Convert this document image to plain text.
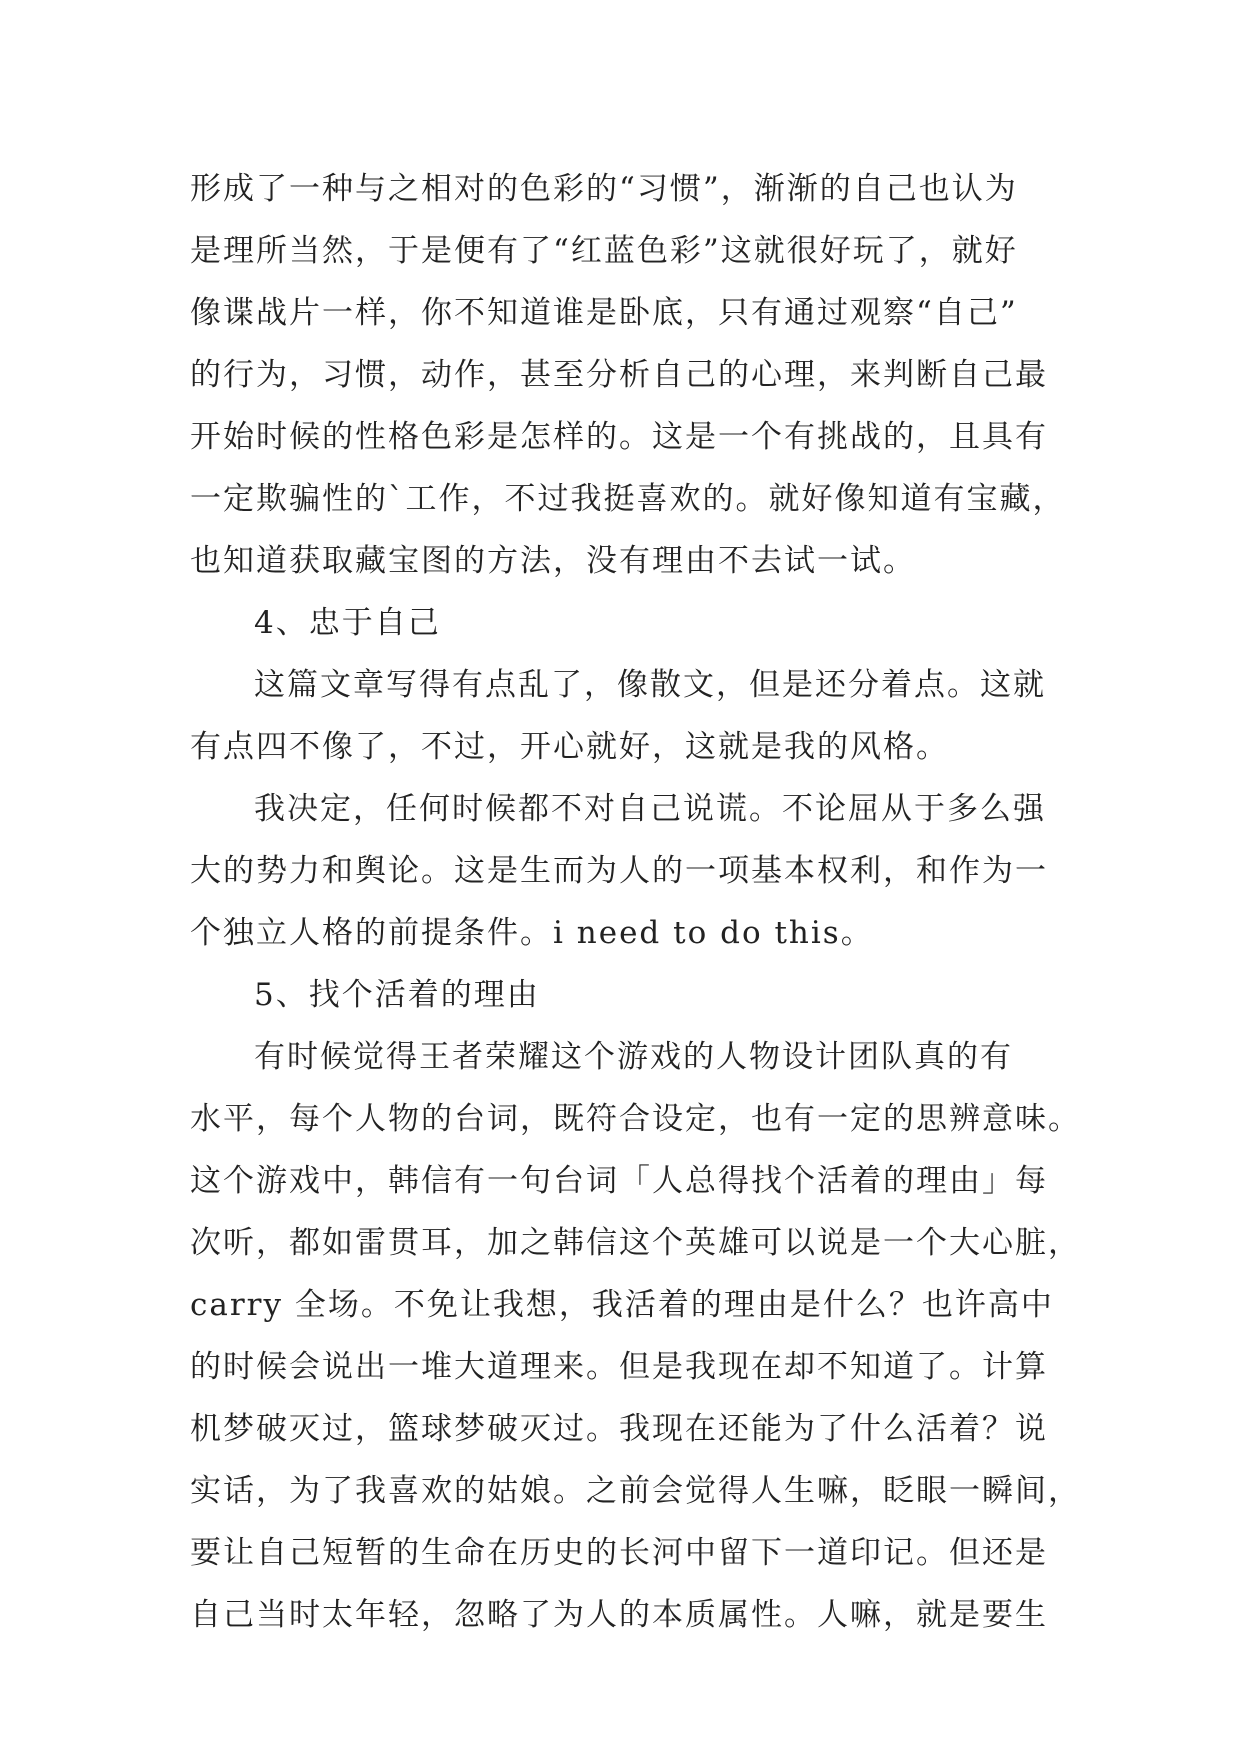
形成了一种与之相对的色彩的“习惯”，渐渐的自己也认为
是理所当然，于是便有了“红蓝色彩”这就很好玩了，就好
像谍战片一样，你不知道谁是卧底，只有通过观察“自己”
的行为，习惯，动作，甚至分析自己的心理，来判断自己最
开始时候的性格色彩是怎样的。这是一个有挑战的，且具有
一定欺骗性的`工作，不过我挺喜欢的。就好像知道有宝藏，
也知道获取藏宝图的方法，没有理由不去试一试。
4、忠于自己
这篇文章写得有点乱了，像散文，但是还分着点。这就
有点四不像了，不过，开心就好，这就是我的风格。
我决定，任何时候都不对自己说谎。不论屈从于多么强
大的势力和舆论。这是生而为人的一项基本权利，和作为一
个独立人格的前提条件。i need to do this。
5、找个活着的理由
有时候觉得王者荣耀这个游戏的人物设计团队真的有
水平，每个人物的台词，既符合设定，也有一定的思辨意味。
这个游戏中，韩信有一句台词「人总得找个活着的理由」每
次听，都如雷贯耳，加之韩信这个英雄可以说是一个大心脏，
carry 全场。不免让我想，我活着的理由是什么？也许高中
的时候会说出一堆大道理来。但是我现在却不知道了。计算
机梦破灭过，篮球梦破灭过。我现在还能为了什么活着？说
实话，为了我喜欢的姑娘。之前会觉得人生嘛，眨眼一瞬间，
要让自己短暂的生命在历史的长河中留下一道印记。但还是
自己当时太年轻，忽略了为人的本质属性。人嘛，就是要生
